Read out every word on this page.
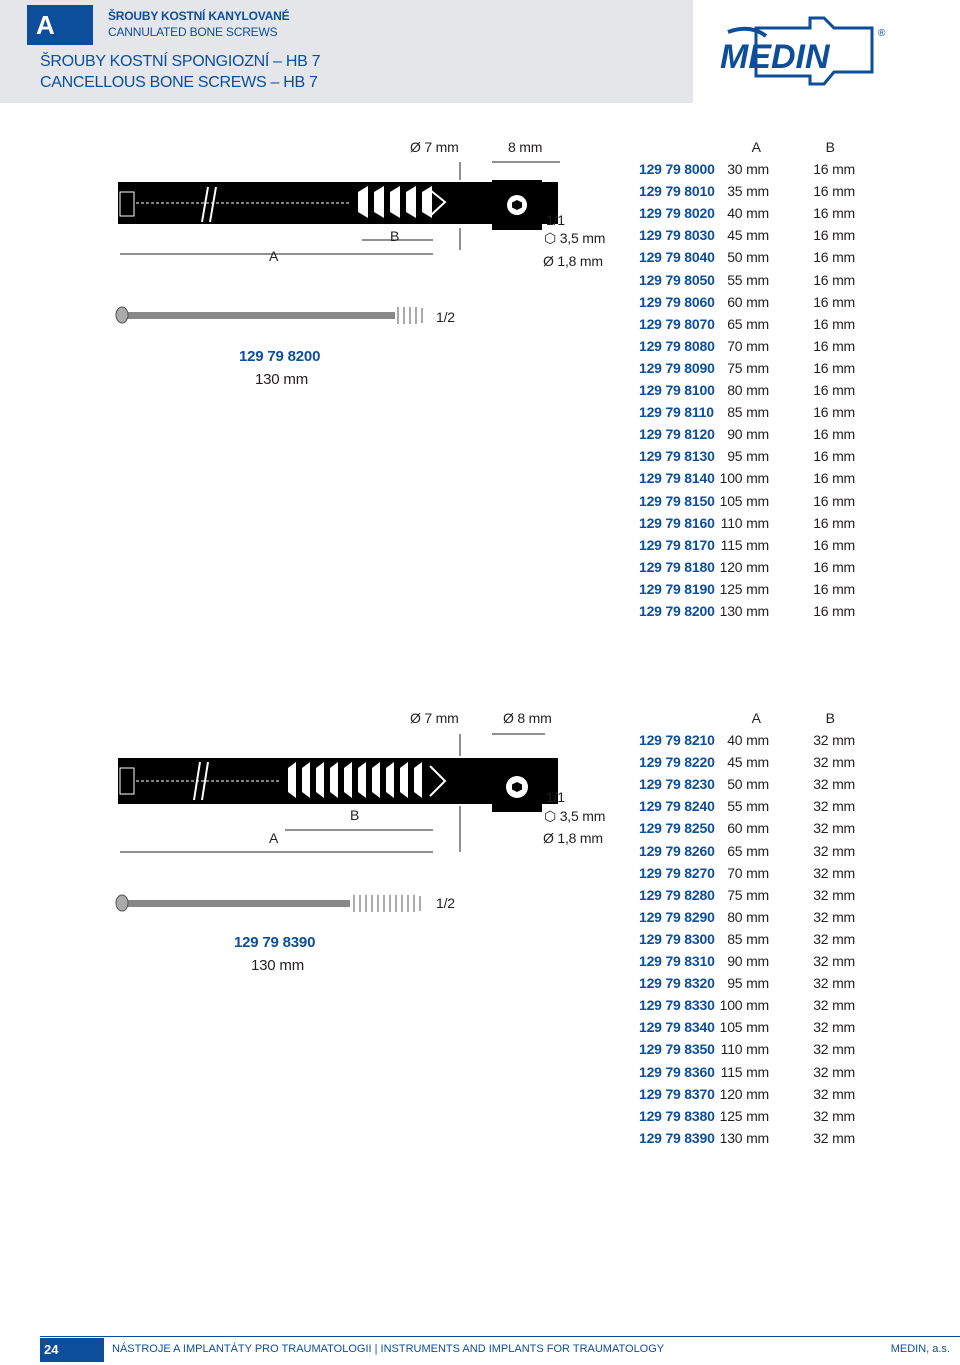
A	ŠROUBY KOSTNÍ KANYLOVANÉ
CANNULATED BONE SCREWS
ŠROUBY KOSTNÍ SPONGIOZNÍ – HB 7
CANCELLOUS BONE SCREWS – HB 7
MEDIN
®
Ø 7 mm	8 mm
A
B
1/1
⬡ 3,5 mm
Ø 1,8 mm
1/2
129 79 8200
130 mm
A	B
129 79 8000 30 mm	16 mm
129 79 8010 35 mm	16 mm
129 79 8020 40 mm	16 mm
129 79 8030 45 mm	16 mm
129 79 8040 50 mm	16 mm
129 79 8050 55 mm	16 mm
129 79 8060 60 mm	16 mm
129 79 8070 65 mm	16 mm
129 79 8080 70 mm	16 mm
129 79 8090 75 mm	16 mm
129 79 8100 80 mm	16 mm
129 79 8110 85 mm	16 mm
129 79 8120 90 mm	16 mm
129 79 8130 95 mm	16 mm
129 79 8140 100 mm	16 mm
129 79 8150 105 mm	16 mm
129 79 8160 110 mm	16 mm
129 79 8170 115 mm	16 mm
129 79 8180 120 mm	16 mm
129 79 8190 125 mm	16 mm
129 79 8200 130 mm	16 mm
Ø 7 mm	Ø 8 mm
A
B
1/1
⬡ 3,5 mm
Ø 1,8 mm
1/2
129 79 8390
130 mm
A	B
129 79 8210 40 mm	32 mm
129 79 8220 45 mm	32 mm
129 79 8230 50 mm	32 mm
129 79 8240 55 mm	32 mm
129 79 8250 60 mm	32 mm
129 79 8260 65 mm	32 mm
129 79 8270 70 mm	32 mm
129 79 8280 75 mm	32 mm
129 79 8290 80 mm	32 mm
129 79 8300 85 mm	32 mm
129 79 8310 90 mm	32 mm
129 79 8320 95 mm	32 mm
129 79 8330 100 mm	32 mm
129 79 8340 105 mm	32 mm
129 79 8350 110 mm	32 mm
129 79 8360 115 mm	32 mm
129 79 8370 120 mm	32 mm
129 79 8380 125 mm	32 mm
129 79 8390 130 mm	32 mm
24	NÁSTROJE A IMPLANTÁTY PRO TRAUMATOLOGII | INSTRUMENTS AND IMPLANTS FOR TRAUMATOLOGY	MEDIN, a.s.
